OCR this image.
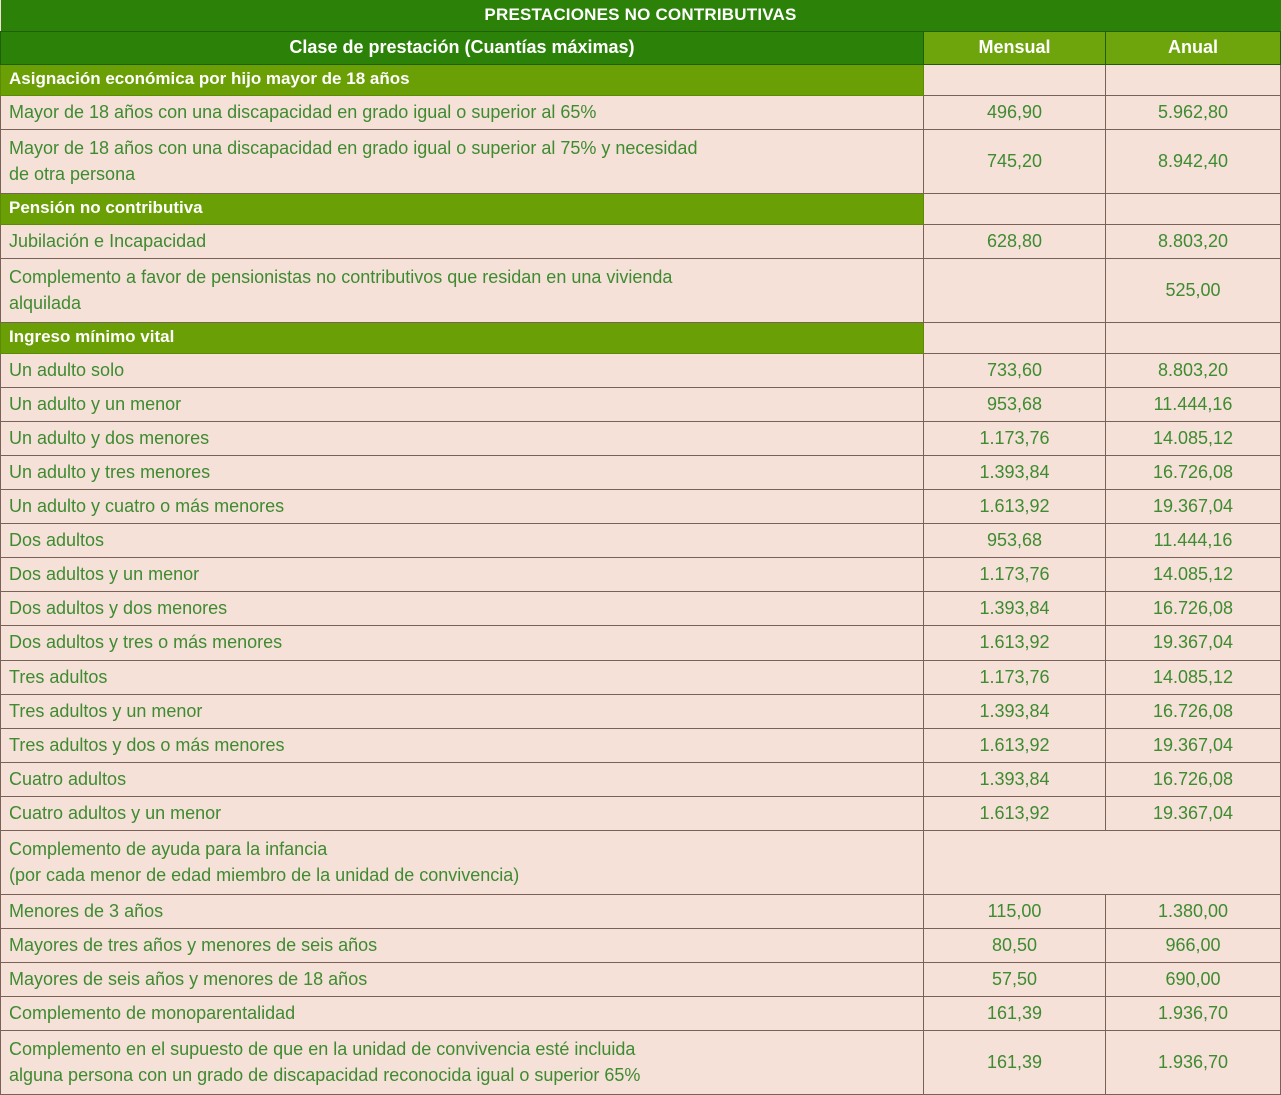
PRESTACIONES NO CONTRIBUTIVAS		
Clase de prestación (Cuantías máximas)	Mensual	Anual
Asignación económica por hijo mayor de 18 años		

Mayor de 18 años con una discapacidad en grado igual o superior al 65%	496,90	5.962,80

Mayor de 18 años con una discapacidad en grado igual o superior al 75% y necesidad
de otra persona	745,20	8.942,40
Pensión no contributiva		

Jubilación e Incapacidad	628,80	8.803,20

Complemento a favor de pensionistas no contributivos que residan en una vivienda
alquilada		525,00
Ingreso mínimo vital		

Un adulto solo	733,60	8.803,20

Un adulto y un menor	953,68	11.444,16

Un adulto y dos menores	1.173,76	14.085,12

Un adulto y tres menores	1.393,84	16.726,08

Un adulto y cuatro o más menores	1.613,92	19.367,04

Dos adultos	953,68	11.444,16

Dos adultos y un menor	1.173,76	14.085,12

Dos adultos y dos menores	1.393,84	16.726,08

Dos adultos y tres o más menores	1.613,92	19.367,04

Tres adultos	1.173,76	14.085,12

Tres adultos y un menor	1.393,84	16.726,08

Tres adultos y dos o más menores	1.613,92	19.367,04

Cuatro adultos	1.393,84	16.726,08

Cuatro adultos y un menor	1.613,92	19.367,04

Complemento de ayuda para la infancia
(por cada menor de edad miembro de la unidad de convivencia)		

Menores de 3 años	115,00	1.380,00

Mayores de tres años y menores de seis años	80,50	966,00

Mayores de seis años y menores de 18 años	57,50	690,00

Complemento de monoparentalidad	161,39	1.936,70

Complemento en el supuesto de que en la unidad de convivencia esté incluida
alguna persona con un grado de discapacidad reconocida igual o superior 65%	161,39	1.936,70
